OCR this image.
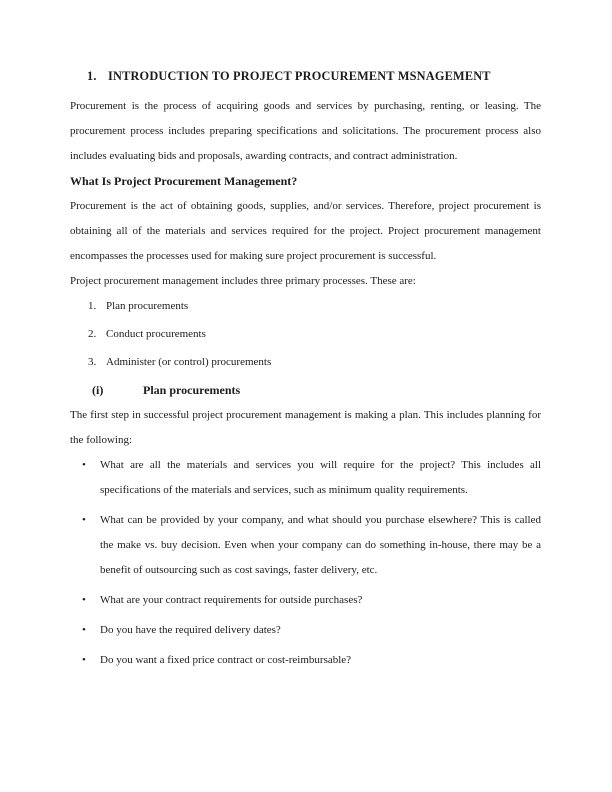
1. INTRODUCTION TO PROJECT PROCUREMENT MSNAGEMENT

Procurement is the process of acquiring goods and services by purchasing, renting, or leasing. The procurement process includes preparing specifications and solicitations. The procurement process also includes evaluating bids and proposals, awarding contracts, and contract administration.

What Is Project Procurement Management?

Procurement is the act of obtaining goods, supplies, and/or services. Therefore, project procurement is obtaining all of the materials and services required for the project. Project procurement management encompasses the processes used for making sure project procurement is successful.

Project procurement management includes three primary processes. These are:

1. Plan procurements
2. Conduct procurements
3. Administer (or control) procurements
(i)	Plan procurements

The first step in successful project procurement management is making a plan. This includes planning for the following:

• What are all the materials and services you will require for the project? This includes all specifications of the materials and services, such as minimum quality requirements.
• What can be provided by your company, and what should you purchase elsewhere? This is called the make vs. buy decision. Even when your company can do something in-house, there may be a benefit of outsourcing such as cost savings, faster delivery, etc.
• What are your contract requirements for outside purchases?
• Do you have the required delivery dates?
• Do you want a fixed price contract or cost-reimbursable?
